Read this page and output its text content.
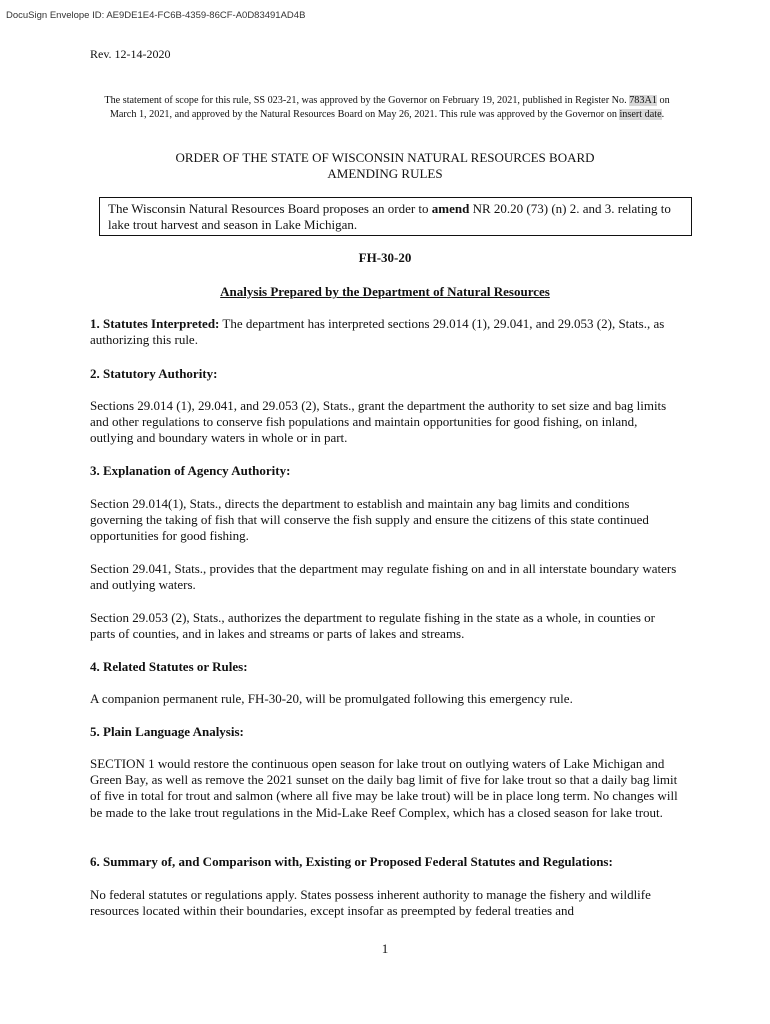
DocuSign Envelope ID: AE9DE1E4-FC6B-4359-86CF-A0D83491AD4B
Rev. 12-14-2020
The statement of scope for this rule, SS 023-21, was approved by the Governor on February 19, 2021, published in Register No. 783A1 on March 1, 2021, and approved by the Natural Resources Board on May 26, 2021. This rule was approved by the Governor on insert date.
ORDER OF THE STATE OF WISCONSIN NATURAL RESOURCES BOARD
AMENDING RULES
The Wisconsin Natural Resources Board proposes an order to amend NR 20.20 (73) (n) 2. and 3. relating to lake trout harvest and season in Lake Michigan.
FH-30-20
Analysis Prepared by the Department of Natural Resources
1. Statutes Interpreted: The department has interpreted sections 29.014 (1), 29.041, and 29.053 (2), Stats., as authorizing this rule.
2. Statutory Authority:
Sections 29.014 (1), 29.041, and 29.053 (2), Stats., grant the department the authority to set size and bag limits and other regulations to conserve fish populations and maintain opportunities for good fishing, on inland, outlying and boundary waters in whole or in part.
3. Explanation of Agency Authority:
Section 29.014(1), Stats., directs the department to establish and maintain any bag limits and conditions governing the taking of fish that will conserve the fish supply and ensure the citizens of this state continued opportunities for good fishing.
Section 29.041, Stats., provides that the department may regulate fishing on and in all interstate boundary waters and outlying waters.
Section 29.053 (2), Stats., authorizes the department to regulate fishing in the state as a whole, in counties or parts of counties, and in lakes and streams or parts of lakes and streams.
4. Related Statutes or Rules:
A companion permanent rule, FH-30-20, will be promulgated following this emergency rule.
5. Plain Language Analysis:
SECTION 1 would restore the continuous open season for lake trout on outlying waters of Lake Michigan and Green Bay, as well as remove the 2021 sunset on the daily bag limit of five for lake trout so that a daily bag limit of five in total for trout and salmon (where all five may be lake trout) will be in place long term. No changes will be made to the lake trout regulations in the Mid-Lake Reef Complex, which has a closed season for lake trout.
6. Summary of, and Comparison with, Existing or Proposed Federal Statutes and Regulations:
No federal statutes or regulations apply. States possess inherent authority to manage the fishery and wildlife resources located within their boundaries, except insofar as preempted by federal treaties and
1
